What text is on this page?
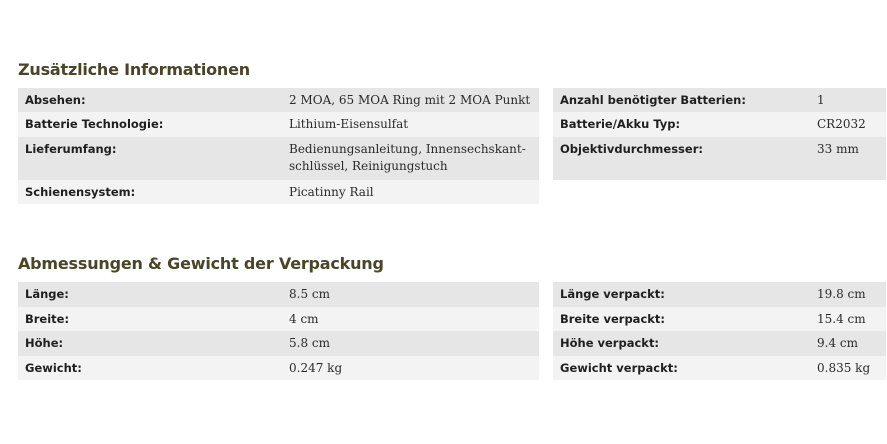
Zusätzliche Informationen
Absehen:	2 MOA, 65 MOA Ring mit 2 MOA Punkt
Batterie Technologie:	Lithium-Eisensulfat
Lieferumfang:	Bedienungsanleitung, Innensechskant-
schlüssel, Reinigungstuch

Schienensystem:	Picatinny Rail
Anzahl benötigter Batterien:	1
Batterie/Akku Typ:	CR2032
Objektivdurchmesser:	33 mm
Abmessungen & Gewicht der Verpackung
Länge:	8.5 cm
Breite:	4 cm
Höhe:	5.8 cm
Gewicht:	0.247 kg
Länge verpackt:	19.8 cm
Breite verpackt:	15.4 cm
Höhe verpackt:	9.4 cm
Gewicht verpackt:	0.835 kg
